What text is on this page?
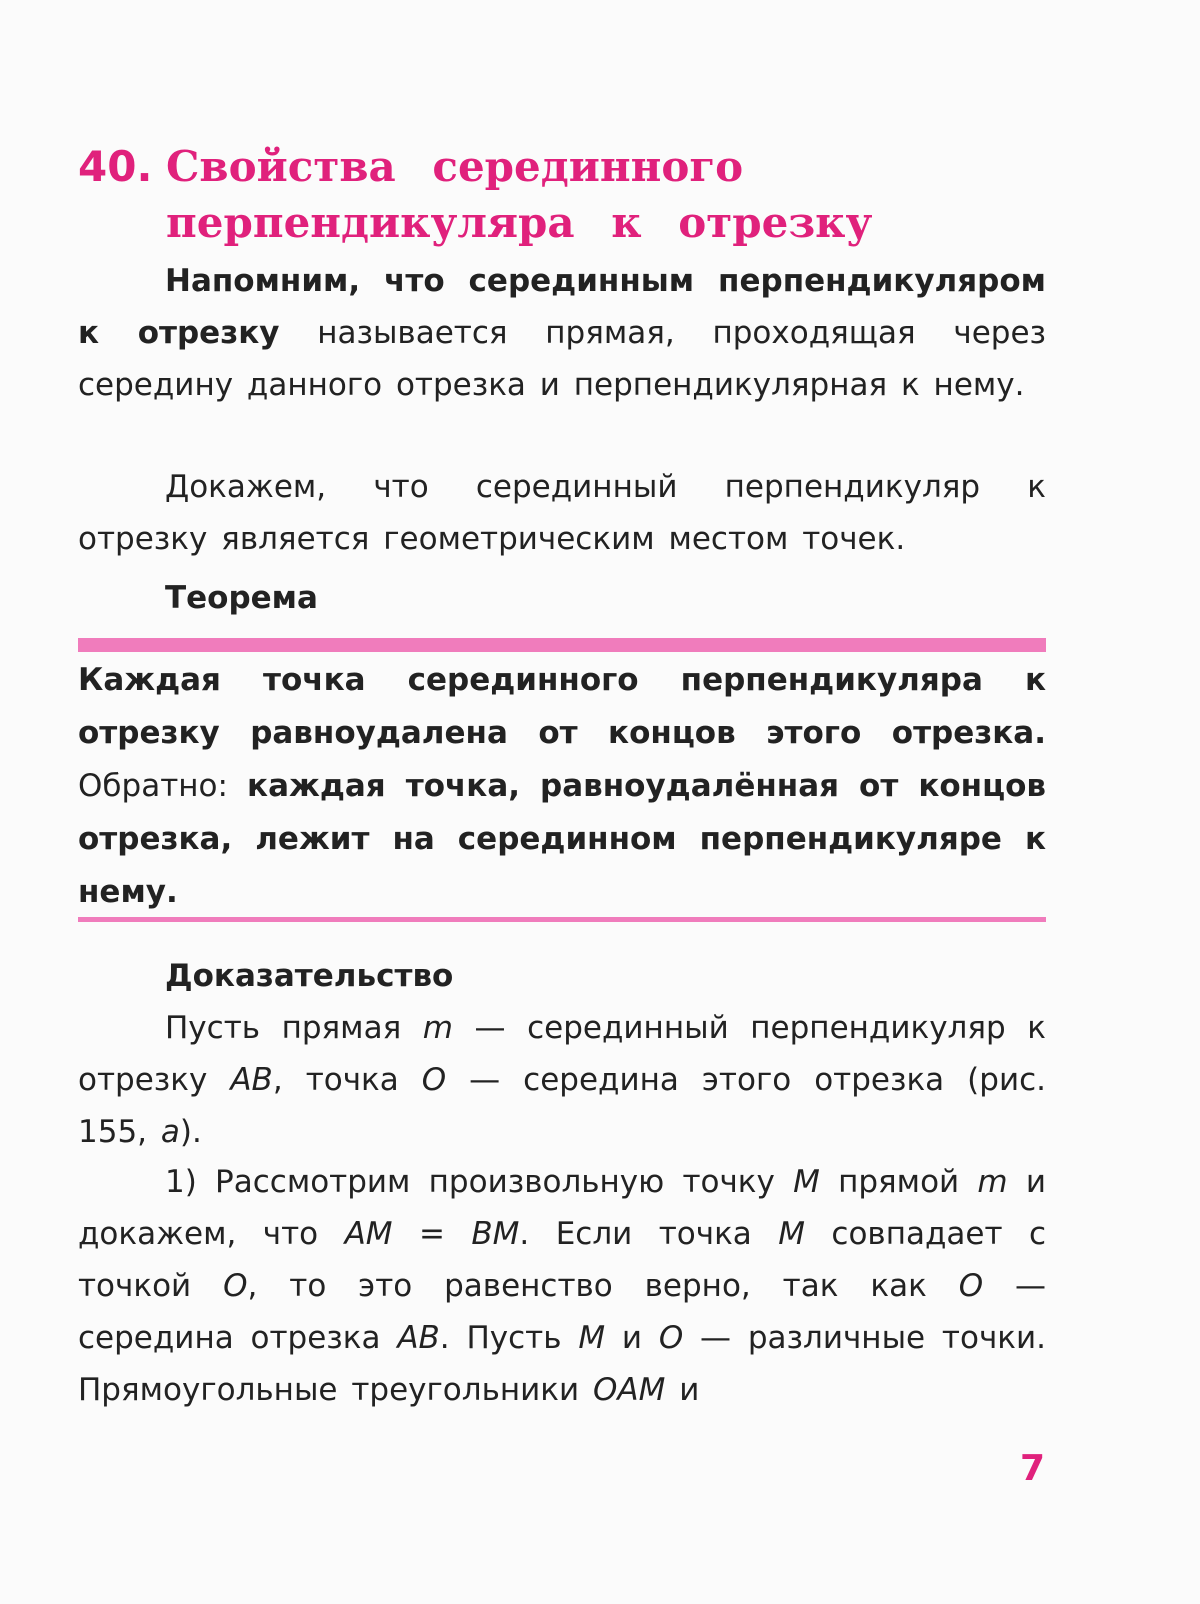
40. Свойства серединного
перпендикуляра к отрезку

Напомним, что серединным перпендикуляром к отрезку называется прямая, проходящая через середину данного отрезка и перпендикулярная к нему.

Докажем, что серединный перпендикуляр к отрезку является геометрическим местом точек.

Теорема

Каждая точка серединного перпендикуляра к отрезку равноудалена от концов этого отрезка. Обратно: каждая точка, равноудалённая от концов отрезка, лежит на серединном перпендикуляре к нему.

Доказательство

Пусть прямая m — серединный перпендикуляр к отрезку AB, точка O — середина этого отрезка (рис. 155, а).

1) Рассмотрим произвольную точку M прямой m и докажем, что AM = BM. Если точка M совпадает с точкой O, то это равенство верно, так как O — середина отрезка AB. Пусть M и O — различные точки. Прямоугольные треугольники OAM и

7
